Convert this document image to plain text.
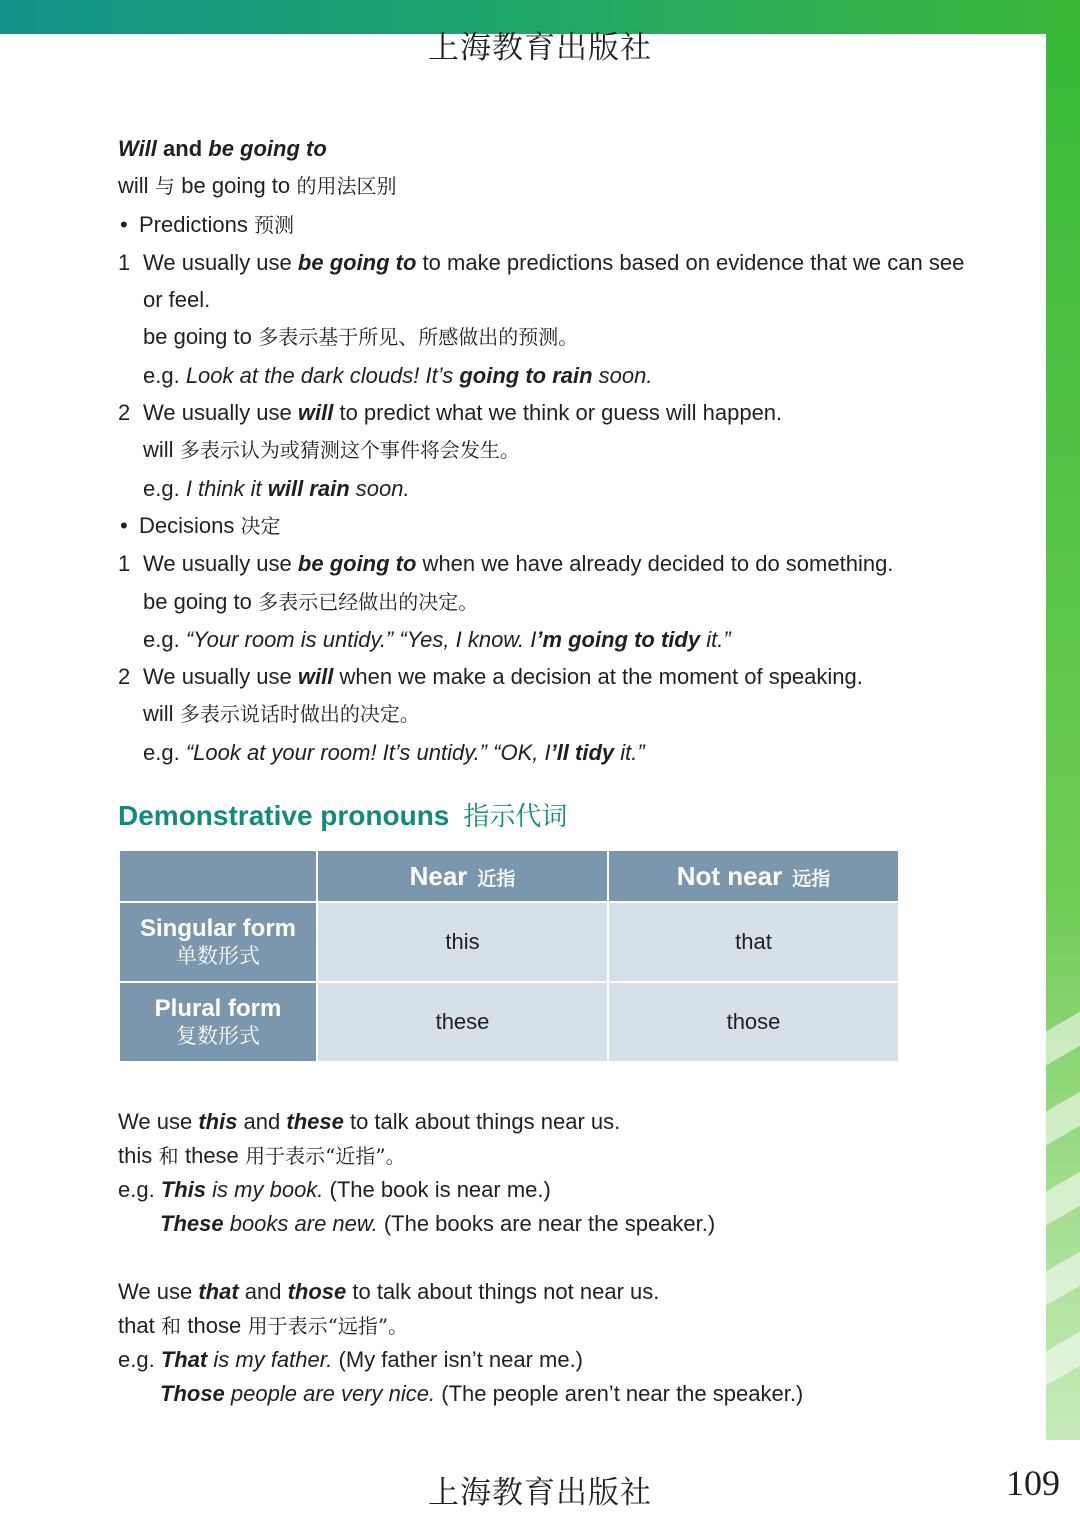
上海教育出版社
Will and be going to
will 与 be going to 的用法区别
• Predictions 预测
1 We usually use be going to to make predictions based on evidence that we can see
or feel.
be going to 多表示基于所见、所感做出的预测。
e.g. Look at the dark clouds! It’s going to rain soon.
2 We usually use will to predict what we think or guess will happen.
will 多表示认为或猜测这个事件将会发生。
e.g. I think it will rain soon.
• Decisions 决定
1 We usually use be going to when we have already decided to do something.
be going to 多表示已经做出的决定。
e.g. “Your room is untidy.” “Yes, I know. I’m going to tidy it.”
2 We usually use will when we make a decision at the moment of speaking.
will 多表示说话时做出的决定。
e.g. “Look at your room! It’s untidy.” “OK, I’ll tidy it.”
Demonstrative pronouns 指示代词
	Near 近指	Not near 远指
Singular form
单数形式	this	that
Plural form
复数形式	these	those
We use this and these to talk about things near us.
this 和 these 用于表示“近指”。
e.g. This is my book. (The book is near me.)
These books are new. (The books are near the speaker.)
We use that and those to talk about things not near us.
that 和 those 用于表示“远指”。
e.g. That is my father. (My father isn’t near me.)
Those people are very nice. (The people aren’t near the speaker.)
上海教育出版社	109
